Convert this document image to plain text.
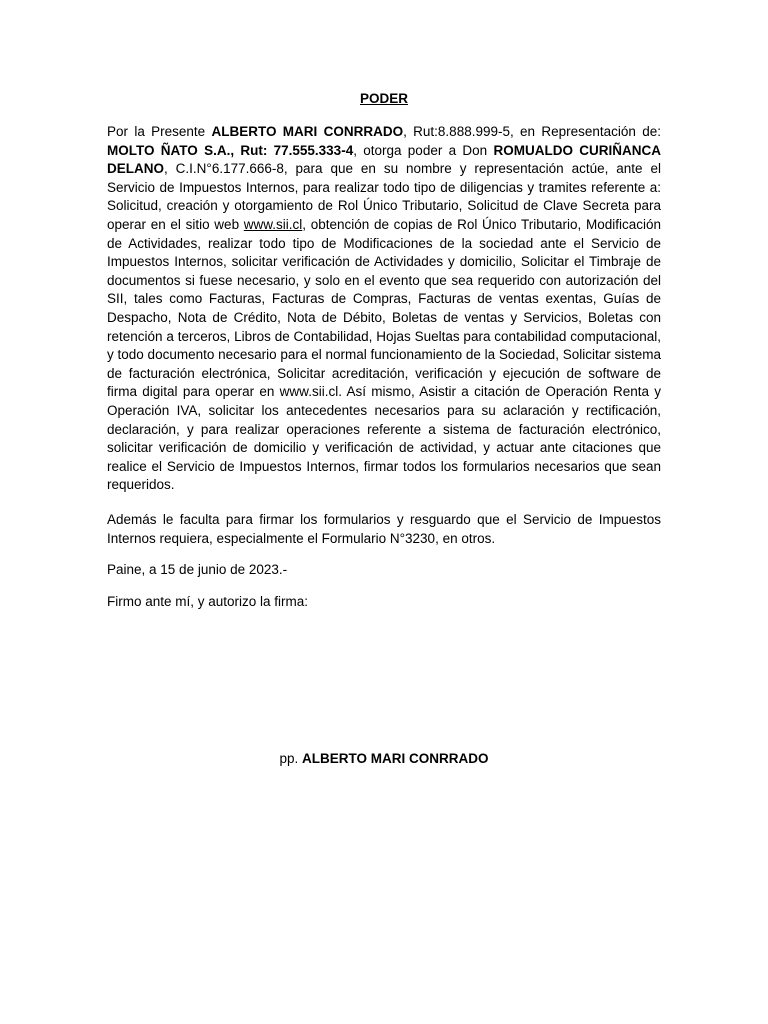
PODER
Por la Presente ALBERTO MARI CONRRADO, Rut:8.888.999-5, en Representación de: MOLTO ÑATO S.A., Rut: 77.555.333-4, otorga poder a Don ROMUALDO CURIÑANCA DELANO, C.I.N°6.177.666-8, para que en su nombre y representación actúe, ante el Servicio de Impuestos Internos, para realizar todo tipo de diligencias y tramites referente a: Solicitud, creación y otorgamiento de Rol Único Tributario, Solicitud de Clave Secreta para operar en el sitio web www.sii.cl, obtención de copias de Rol Único Tributario, Modificación de Actividades, realizar todo tipo de Modificaciones de la sociedad ante el Servicio de Impuestos Internos, solicitar verificación de Actividades y domicilio, Solicitar el Timbraje de documentos si fuese necesario, y solo en el evento que sea requerido con autorización del SII, tales como Facturas, Facturas de Compras, Facturas de ventas exentas, Guías de Despacho, Nota de Crédito, Nota de Débito, Boletas de ventas y Servicios, Boletas con retención a terceros, Libros de Contabilidad, Hojas Sueltas para contabilidad computacional, y todo documento necesario para el normal funcionamiento de la Sociedad, Solicitar sistema de facturación electrónica, Solicitar acreditación, verificación y ejecución de software de firma digital para operar en www.sii.cl. Así mismo, Asistir a citación de Operación Renta y Operación IVA, solicitar los antecedentes necesarios para su aclaración y rectificación, declaración, y para realizar operaciones referente a sistema de facturación electrónico, solicitar verificación de domicilio y verificación de actividad, y actuar ante citaciones que realice el Servicio de Impuestos Internos, firmar todos los formularios necesarios que sean requeridos.
Además le faculta para firmar los formularios y resguardo que el Servicio de Impuestos Internos requiera, especialmente el Formulario N°3230, en otros.
Paine, a 15 de junio de 2023.-
Firmo ante mí, y autorizo la firma:
pp. ALBERTO MARI CONRRADO
